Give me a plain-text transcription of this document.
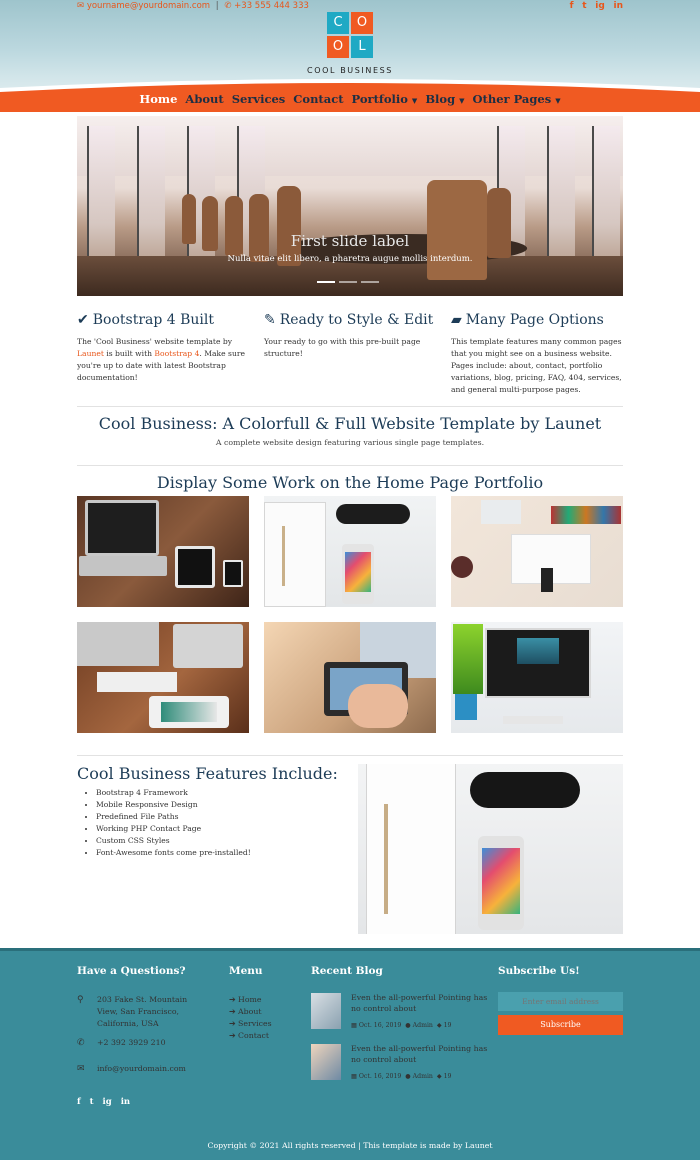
✉ yourname@yourdomain.com | ✆ +33 555 444 333	f t ig in
C	O
O	L
COOL BUSINESS
Home About Services Contact Portfolio ▼ Blog ▼ Other Pages ▼
First slide label
Nulla vitae elit libero, a pharetra augue mollis interdum.
✔ Bootstrap 4 Built

The 'Cool Business' website template by Launet is built with Bootstrap 4. Make sure you're up to date with latest Bootstrap documentation!

✎ Ready to Style & Edit

Your ready to go with this pre-built page structure!

▰ Many Page Options

This template features many common pages that you might see on a business website. Pages include: about, contact, portfolio variations, blog, pricing, FAQ, 404, services, and general multi-purpose pages.

Cool Business: A Colorfull & Full Website Template by Launet
A complete website design featuring various single page templates.
Display Some Work on the Home Page Portfolio
Cool Business Features Include:
• Bootstrap 4 Framework
• Mobile Responsive Design
• Predefined File Paths
• Working PHP Contact Page
• Custom CSS Styles
• Font-Awesome fonts come pre-installed!
Have a Questions?	Menu	Recent Blog	Subscribe Us!
⚲	203 Fake St. Mountain View, San Francisco, California, USA
✆	+2 392 3929 210
✉	info@yourdomain.com
➔ Home
➔ About
➔ Services
➔ Contact
Even the all-powerful Pointing has no control about
▦ Oct. 16, 2019 ● Admin ◆ 19
Even the all-powerful Pointing has no control about
▦ Oct. 16, 2019 ● Admin ◆ 19
Enter email address
Subscribe
f t ig in
Copyright © 2021 All rights reserved | This template is made by Launet
